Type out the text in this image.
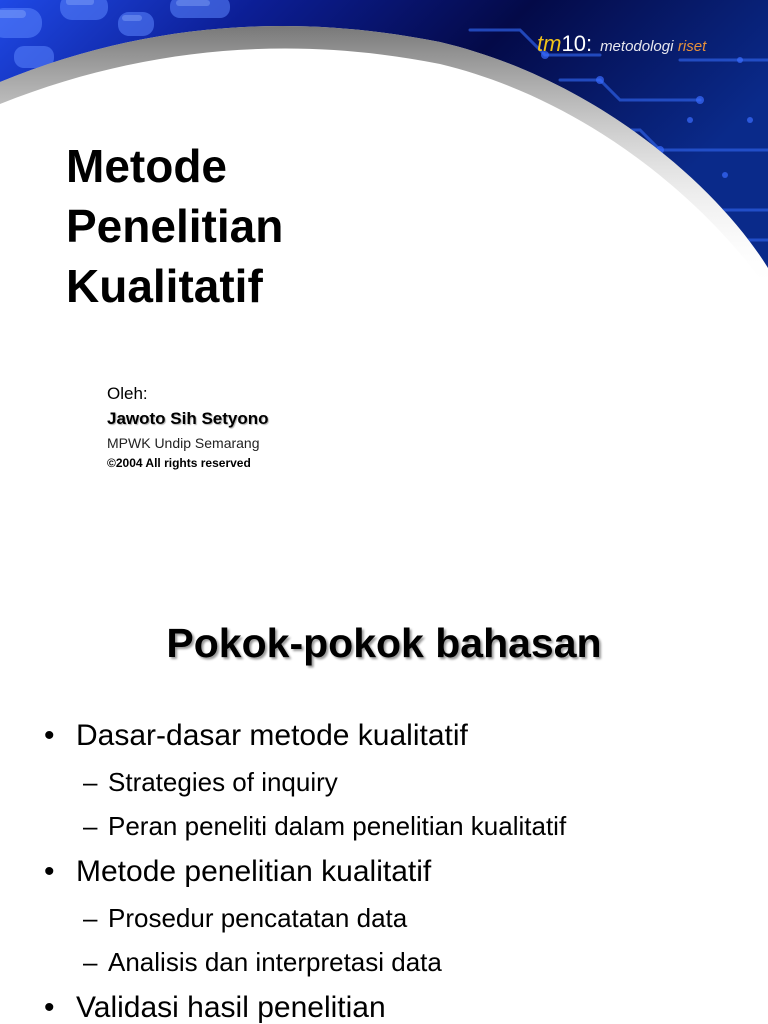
tm10: metodologi riset
Metode
Penelitian
Kualitatif
Oleh:
Jawoto Sih Setyono
MPWK Undip Semarang
©2004 All rights reserved
Pokok-pokok bahasan
• Dasar-dasar metode kualitatif
– Strategies of inquiry
– Peran peneliti dalam penelitian kualitatif
• Metode penelitian kualitatif
– Prosedur pencatatan data
– Analisis dan interpretasi data
• Validasi hasil penelitian
